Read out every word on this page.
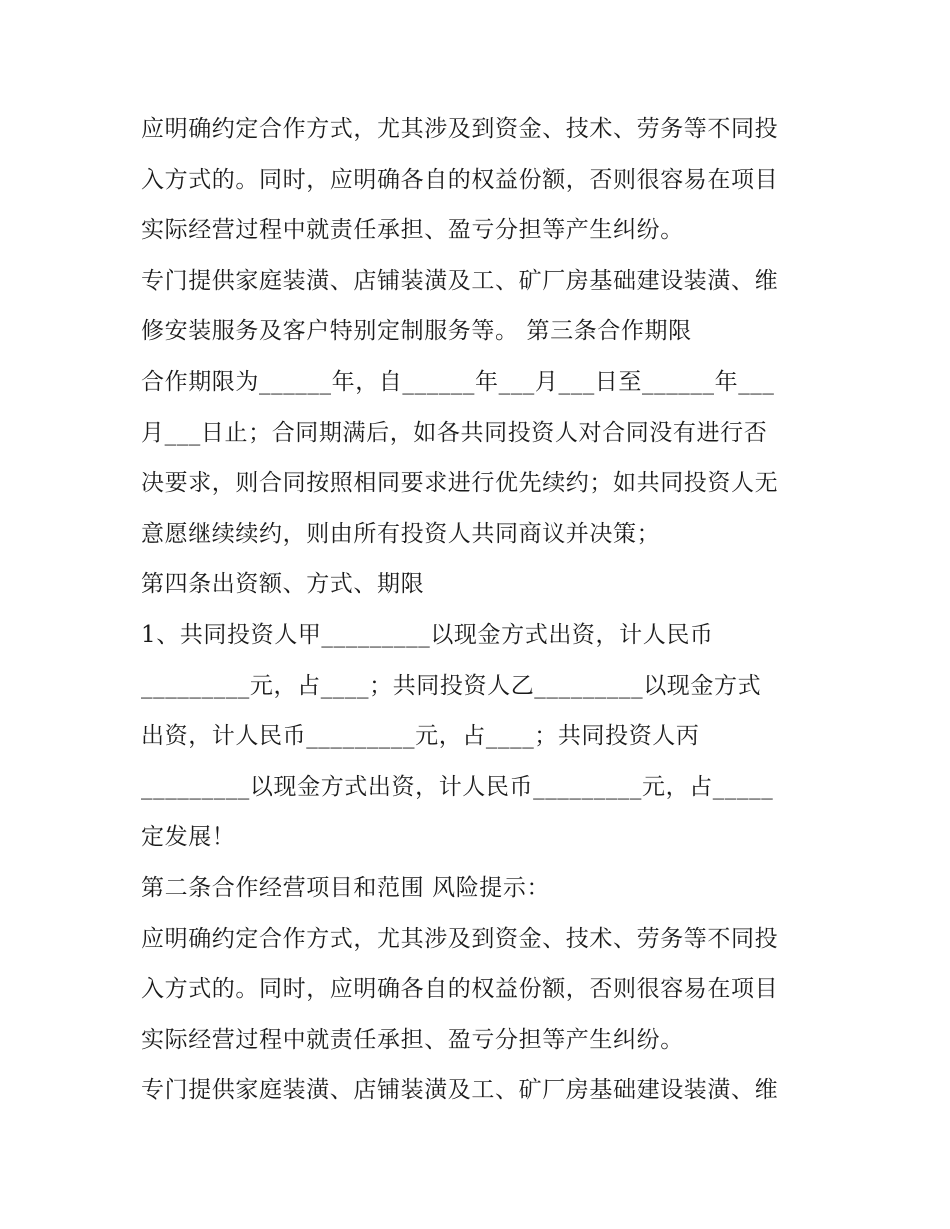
应明确约定合作方式，尤其涉及到资金、技术、劳务等不同投
入方式的。同时，应明确各自的权益份额，否则很容易在项目
实际经营过程中就责任承担、盈亏分担等产生纠纷。
专门提供家庭装潢、店铺装潢及工、矿厂房基础建设装潢、维
修安装服务及客户特别定制服务等。 第三条合作期限
合作期限为______年，自______年___月___日至______年___
月___日止；合同期满后，如各共同投资人对合同没有进行否
决要求，则合同按照相同要求进行优先续约；如共同投资人无
意愿继续续约，则由所有投资人共同商议并决策；
第四条出资额、方式、期限
1、共同投资人甲_________以现金方式出资，计人民币
_________元，占____；共同投资人乙_________以现金方式
出资，计人民币_________元，占____；共同投资人丙
_________以现金方式出资，计人民币_________元，占_____
定发展！
第二条合作经营项目和范围 风险提示：
应明确约定合作方式，尤其涉及到资金、技术、劳务等不同投
入方式的。同时，应明确各自的权益份额，否则很容易在项目
实际经营过程中就责任承担、盈亏分担等产生纠纷。
专门提供家庭装潢、店铺装潢及工、矿厂房基础建设装潢、维
